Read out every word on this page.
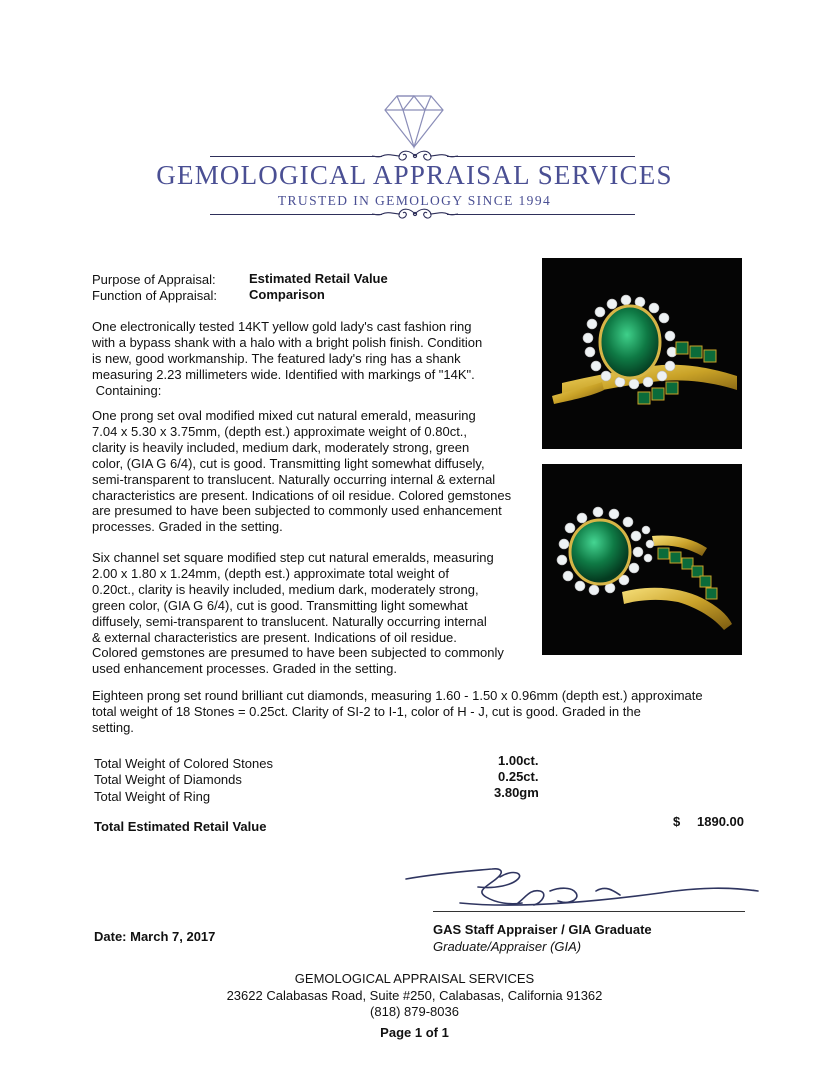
GEMOLOGICAL APPRAISAL SERVICES
TRUSTED IN GEMOLOGY SINCE 1994
Purpose of Appraisal:	Estimated Retail Value
Function of Appraisal: Comparison
One electronically tested 14KT yellow gold lady's cast fashion ring
with a bypass shank with a halo with a bright polish finish. Condition
is new, good workmanship. The featured lady's ring has a shank
measuring 2.23 millimeters wide. Identified with markings of "14K".
Containing:
One prong set oval modified mixed cut natural emerald, measuring
7.04 x 5.30 x 3.75mm, (depth est.) approximate weight of 0.80ct.,
clarity is heavily included, medium dark, moderately strong, green
color, (GIA G 6/4), cut is good. Transmitting light somewhat diffusely,
semi-transparent to translucent. Naturally occurring internal & external
characteristics are present. Indications of oil residue. Colored gemstones
are presumed to have been subjected to commonly used enhancement
processes. Graded in the setting.
Six channel set square modified step cut natural emeralds, measuring
2.00 x 1.80 x 1.24mm, (depth est.) approximate total weight of
0.20ct., clarity is heavily included, medium dark, moderately strong,
green color, (GIA G 6/4), cut is good. Transmitting light somewhat
diffusely, semi-transparent to translucent. Naturally occurring internal
& external characteristics are present. Indications of oil residue.
Colored gemstones are presumed to have been subjected to commonly
used enhancement processes. Graded in the setting.
Eighteen prong set round brilliant cut diamonds, measuring 1.60 - 1.50 x 0.96mm (depth est.) approximate
total weight of 18 Stones = 0.25ct. Clarity of SI-2 to I-1, color of H - J, cut is good. Graded in the
setting.
Total Weight of Colored Stones	1.00ct.
Total Weight of Diamonds	0.25ct.
Total Weight of Ring	3.80gm
Total Estimated Retail Value	$ 1890.00
Date: March 7, 2017	GAS Staff Appraiser / GIA Graduate
Graduate/Appraiser (GIA)
GEMOLOGICAL APPRAISAL SERVICES
23622 Calabasas Road, Suite #250, Calabasas, California 91362
(818) 879-8036
Page 1 of 1
